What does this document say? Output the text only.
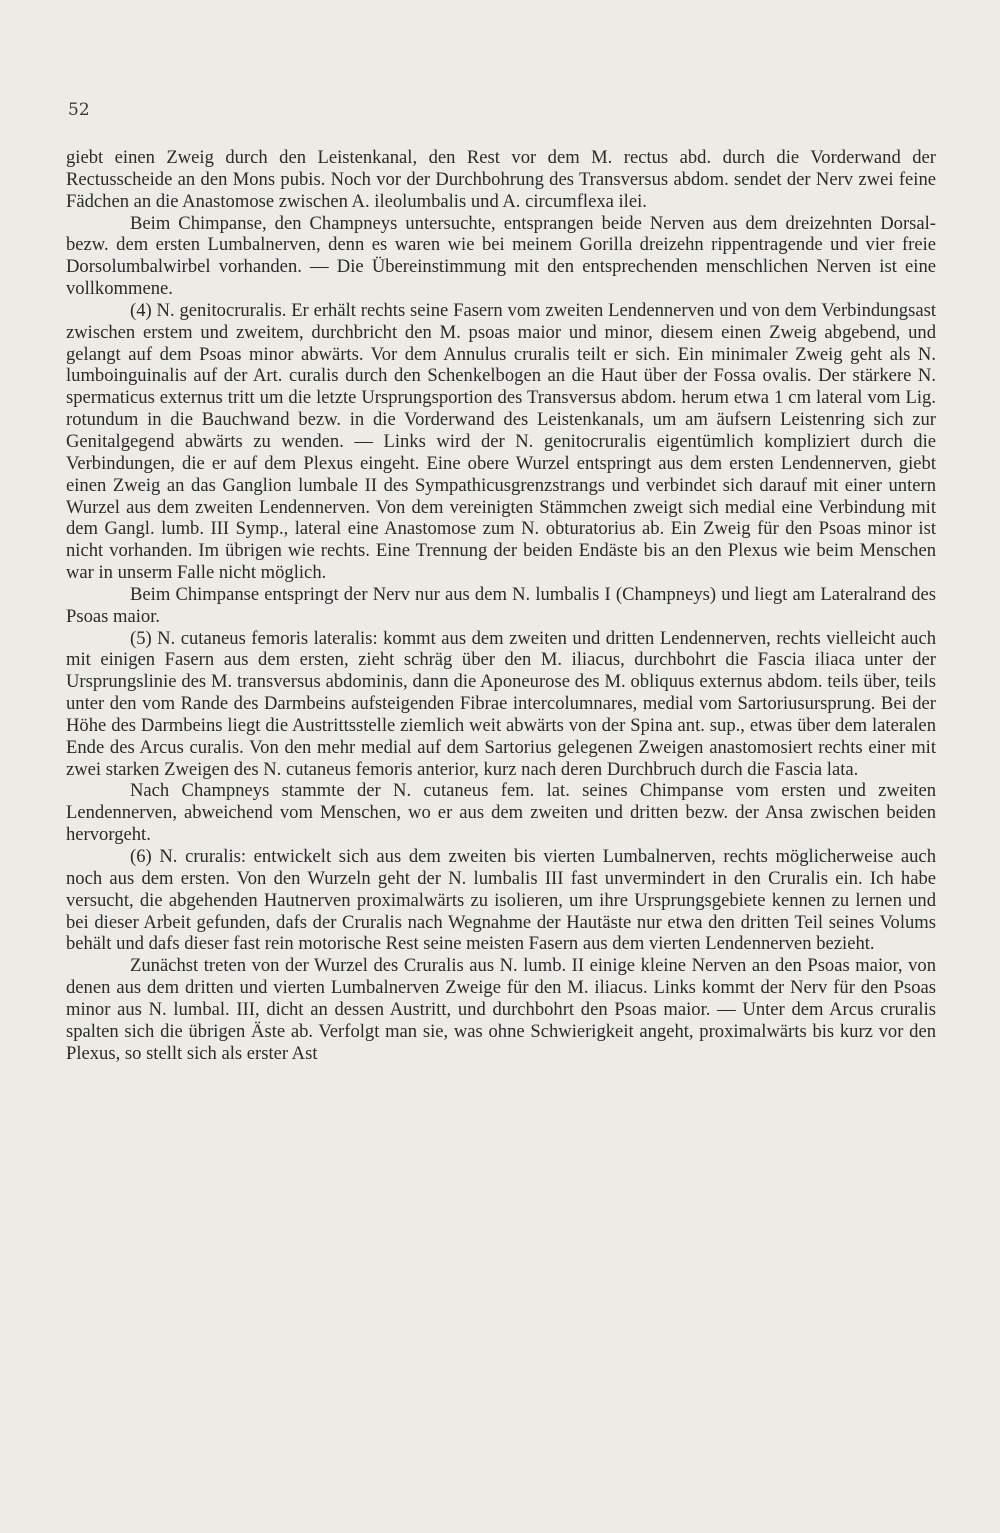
52

giebt einen Zweig durch den Leistenkanal, den Rest vor dem M. rectus abd. durch die Vorderwand der Rectusscheide an den Mons pubis. Noch vor der Durchbohrung des Transversus abdom. sendet der Nerv zwei feine Fädchen an die Anastomose zwischen A. ileolumbalis und A. circumflexa ilei.

Beim Chimpanse, den Champneys untersuchte, entsprangen beide Nerven aus dem dreizehnten Dorsal- bezw. dem ersten Lumbalnerven, denn es waren wie bei meinem Gorilla dreizehn rippentragende und vier freie Dorsolumbalwirbel vorhanden. — Die Übereinstimmung mit den entsprechenden menschlichen Nerven ist eine vollkommene.

(4) N. genitocruralis. Er erhält rechts seine Fasern vom zweiten Lendennerven und von dem Verbindungsast zwischen erstem und zweitem, durchbricht den M. psoas maior und minor, diesem einen Zweig abgebend, und gelangt auf dem Psoas minor abwärts. Vor dem Annulus cruralis teilt er sich. Ein minimaler Zweig geht als N. lumboinguinalis auf der Art. curalis durch den Schenkelbogen an die Haut über der Fossa ovalis. Der stärkere N. spermaticus externus tritt um die letzte Ursprungsportion des Transversus abdom. herum etwa 1 cm lateral vom Lig. rotundum in die Bauchwand bezw. in die Vorderwand des Leistenkanals, um am äufsern Leistenring sich zur Genitalgegend abwärts zu wenden. — Links wird der N. genitocruralis eigentümlich kompliziert durch die Verbindungen, die er auf dem Plexus eingeht. Eine obere Wurzel entspringt aus dem ersten Lendennerven, giebt einen Zweig an das Ganglion lumbale II des Sympathicusgrenzstrangs und verbindet sich darauf mit einer untern Wurzel aus dem zweiten Lendennerven. Von dem vereinigten Stämmchen zweigt sich medial eine Verbindung mit dem Gangl. lumb. III Symp., lateral eine Anastomose zum N. obturatorius ab. Ein Zweig für den Psoas minor ist nicht vorhanden. Im übrigen wie rechts. Eine Trennung der beiden Endäste bis an den Plexus wie beim Menschen war in unserm Falle nicht möglich.

Beim Chimpanse entspringt der Nerv nur aus dem N. lumbalis I (Champneys) und liegt am Lateralrand des Psoas maior.

(5) N. cutaneus femoris lateralis: kommt aus dem zweiten und dritten Lendennerven, rechts vielleicht auch mit einigen Fasern aus dem ersten, zieht schräg über den M. iliacus, durchbohrt die Fascia iliaca unter der Ursprungslinie des M. transversus abdominis, dann die Aponeurose des M. obliquus externus abdom. teils über, teils unter den vom Rande des Darmbeins aufsteigenden Fibrae intercolumnares, medial vom Sartoriusursprung. Bei der Höhe des Darmbeins liegt die Austrittsstelle ziemlich weit abwärts von der Spina ant. sup., etwas über dem lateralen Ende des Arcus curalis. Von den mehr medial auf dem Sartorius gelegenen Zweigen anastomosiert rechts einer mit zwei starken Zweigen des N. cutaneus femoris anterior, kurz nach deren Durchbruch durch die Fascia lata.

Nach Champneys stammte der N. cutaneus fem. lat. seines Chimpanse vom ersten und zweiten Lendennerven, abweichend vom Menschen, wo er aus dem zweiten und dritten bezw. der Ansa zwischen beiden hervorgeht.

(6) N. cruralis: entwickelt sich aus dem zweiten bis vierten Lumbalnerven, rechts möglicherweise auch noch aus dem ersten. Von den Wurzeln geht der N. lumbalis III fast unvermindert in den Cruralis ein. Ich habe versucht, die abgehenden Hautnerven proximalwärts zu isolieren, um ihre Ursprungsgebiete kennen zu lernen und bei dieser Arbeit gefunden, dafs der Cruralis nach Wegnahme der Hautäste nur etwa den dritten Teil seines Volums behält und dafs dieser fast rein motorische Rest seine meisten Fasern aus dem vierten Lendennerven bezieht.

Zunächst treten von der Wurzel des Cruralis aus N. lumb. II einige kleine Nerven an den Psoas maior, von denen aus dem dritten und vierten Lumbalnerven Zweige für den M. iliacus. Links kommt der Nerv für den Psoas minor aus N. lumbal. III, dicht an dessen Austritt, und durchbohrt den Psoas maior. — Unter dem Arcus cruralis spalten sich die übrigen Äste ab. Verfolgt man sie, was ohne Schwierigkeit angeht, proximalwärts bis kurz vor den Plexus, so stellt sich als erster Ast
